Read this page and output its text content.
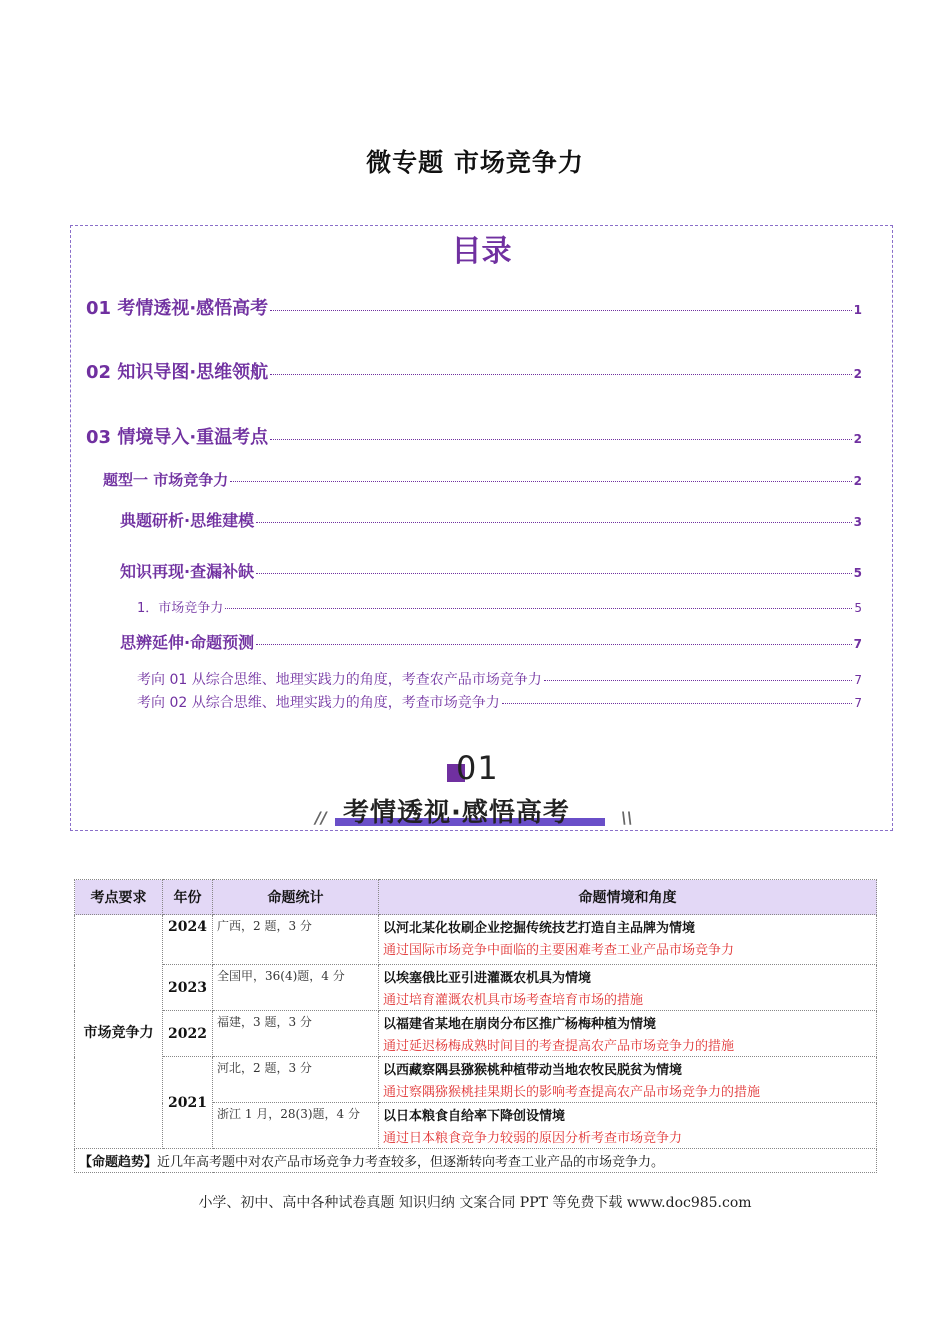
微专题 市场竞争力
目录
01 考情透视·感悟高考	1
02 知识导图·思维领航	2
03 情境导入·重温考点	2
题型一 市场竞争力	2
典题研析·思维建模	3
知识再现·查漏补缺	5
1．市场竞争力	5
思辨延伸·命题预测	7
考向 01 从综合思维、地理实践力的角度，考查农产品市场竞争力	7
考向 02 从综合思维、地理实践力的角度，考查市场竞争力	7
01
// 考情透视·感悟高考	\\
考点要求	年份	命题统计	命题情境和角度
市场竞争力	2024	广西，2 题，3 分	以河北某化妆刷企业挖掘传统技艺打造自主品牌为情境
通过国际市场竞争中面临的主要困难考查工业产品市场竞争力

	2023	全国甲，36(4)题，4 分	以埃塞俄比亚引进灌溉农机具为情境
通过培育灌溉农机具市场考查培育市场的措施

	2022	福建，3 题，3 分	以福建省某地在崩岗分布区推广杨梅种植为情境
通过延迟杨梅成熟时间目的考查提高农产品市场竞争力的措施

	2021	河北，2 题，3 分	以西藏察隅县猕猴桃种植带动当地农牧民脱贫为情境
通过察隅猕猴桃挂果期长的影响考查提高农产品市场竞争力的措施

		浙江 1 月，28(3)题，4 分	以日本粮食自给率下降创设情境
通过日本粮食竞争力较弱的原因分析考查市场竞争力

【命题趋势】近几年高考题中对农产品市场竞争力考查较多，但逐渐转向考查工业产品的市场竞争力。			
小学、初中、高中各种试卷真题 知识归纳 文案合同 PPT 等免费下载 www.doc985.com
